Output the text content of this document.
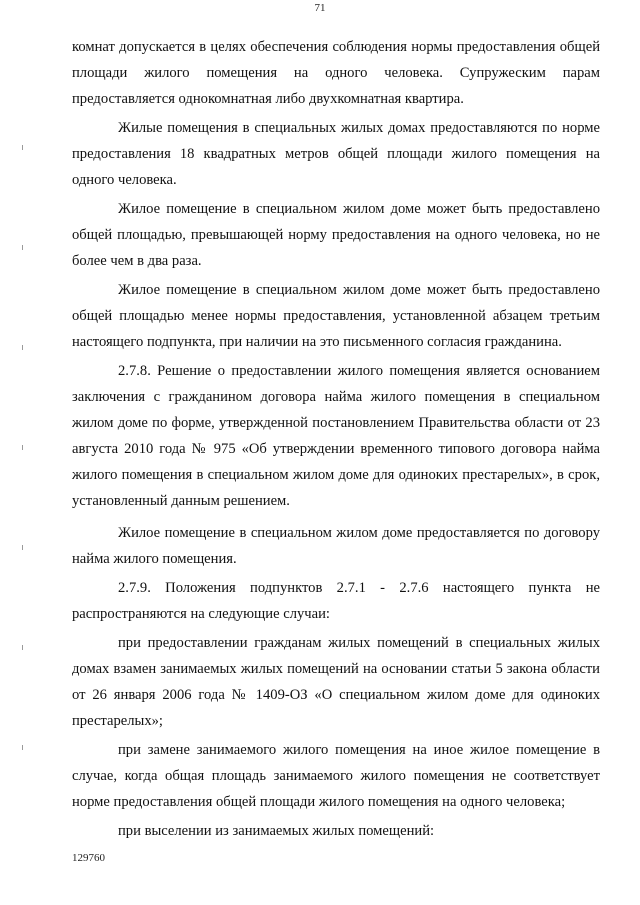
71

комнат допускается в целях обеспечения соблюдения нормы предоставления общей площади жилого помещения на одного человека. Супружеским парам предоставляется однокомнатная либо двухкомнатная квартира.

Жилые помещения в специальных жилых домах предоставляются по норме предоставления 18 квадратных метров общей площади жилого помещения на одного человека.

Жилое помещение в специальном жилом доме может быть предоставлено общей площадью, превышающей норму предоставления на одного человека, но не более чем в два раза.

Жилое помещение в специальном жилом доме может быть предоставлено общей площадью менее нормы предоставления, установленной абзацем третьим настоящего подпункта, при наличии на это письменного согласия гражданина.

2.7.8. Решение о предоставлении жилого помещения является основанием заключения с гражданином договора найма жилого помещения в специальном жилом доме по форме, утвержденной постановлением Правительства области от 23 августа 2010 года № 975 «Об утверждении временного типового договора найма жилого помещения в специальном жилом доме для одиноких престарелых», в срок, установленный данным решением.

Жилое помещение в специальном жилом доме предоставляется по договору найма жилого помещения.

2.7.9. Положения подпунктов 2.7.1 - 2.7.6 настоящего пункта не распространяются на следующие случаи:

при предоставлении гражданам жилых помещений в специальных жилых домах взамен занимаемых жилых помещений на основании статьи 5 закона области от 26 января 2006 года № 1409-ОЗ «О специальном жилом доме для одиноких престарелых»;

при замене занимаемого жилого помещения на иное жилое помещение в случае, когда общая площадь занимаемого жилого помещения не соответствует норме предоставления общей площади жилого помещения на одного человека;

при выселении из занимаемых жилых помещений:

129760
